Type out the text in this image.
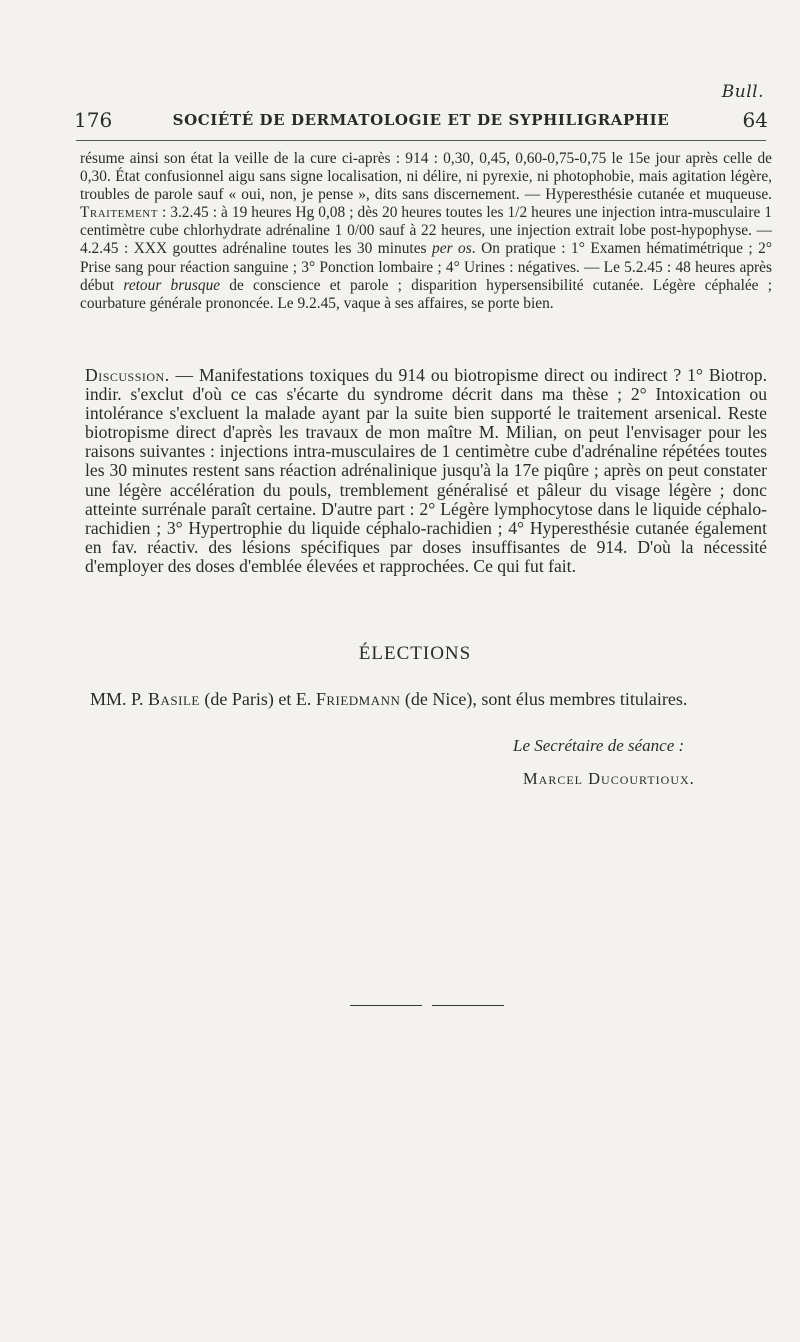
Bull.
176	SOCIÉTÉ DE DERMATOLOGIE ET DE SYPHILIGRAPHIE	64

résume ainsi son état la veille de la cure ci-après : 914 : 0,30, 0,45, 0,60-0,75-0,75 le 15e jour après celle de 0,30. État confusionnel aigu sans signe localisation, ni délire, ni pyrexie, ni photophobie, mais agitation légère, troubles de parole sauf « oui, non, je pense », dits sans discernement. — Hyperesthésie cutanée et muqueuse. Traitement : 3.2.45 : à 19 heures Hg 0,08 ; dès 20 heures toutes les 1/2 heures une injection intra-musculaire 1 centimètre cube chlorhydrate adrénaline 1 0/00 sauf à 22 heures, une injection extrait lobe post-hypophyse. — 4.2.45 : XXX gouttes adrénaline toutes les 30 minutes per os. On pratique : 1° Examen hématimétrique ; 2° Prise sang pour réaction sanguine ; 3° Ponction lombaire ; 4° Urines : négatives. — Le 5.2.45 : 48 heures après début retour brusque de conscience et parole ; disparition hypersensibilité cutanée. Légère céphalée ; courbature générale prononcée. Le 9.2.45, vaque à ses affaires, se porte bien.

Discussion. — Manifestations toxiques du 914 ou biotropisme direct ou indirect ? 1° Biotrop. indir. s'exclut d'où ce cas s'écarte du syndrome décrit dans ma thèse ; 2° Intoxication ou intolérance s'excluent la malade ayant par la suite bien supporté le traitement arsenical. Reste biotropisme direct d'après les travaux de mon maître M. Milian, on peut l'envisager pour les raisons suivantes : injections intra-musculaires de 1 centimètre cube d'adrénaline répétées toutes les 30 minutes restent sans réaction adrénalinique jusqu'à la 17e piqûre ; après on peut constater une légère accélération du pouls, tremblement généralisé et pâleur du visage légère ; donc atteinte surrénale paraît certaine. D'autre part : 2° Légère lymphocytose dans le liquide céphalo-rachidien ; 3° Hypertrophie du liquide céphalo-rachidien ; 4° Hyperesthésie cutanée également en fav. réactiv. des lésions spécifiques par doses insuffisantes de 914. D'où la nécessité d'employer des doses d'emblée élevées et rapprochées. Ce qui fut fait.

ÉLECTIONS
MM. P. Basile (de Paris) et E. Friedmann (de Nice), sont élus membres titulaires.
Le Secrétaire de séance :
Marcel Ducourtioux.
